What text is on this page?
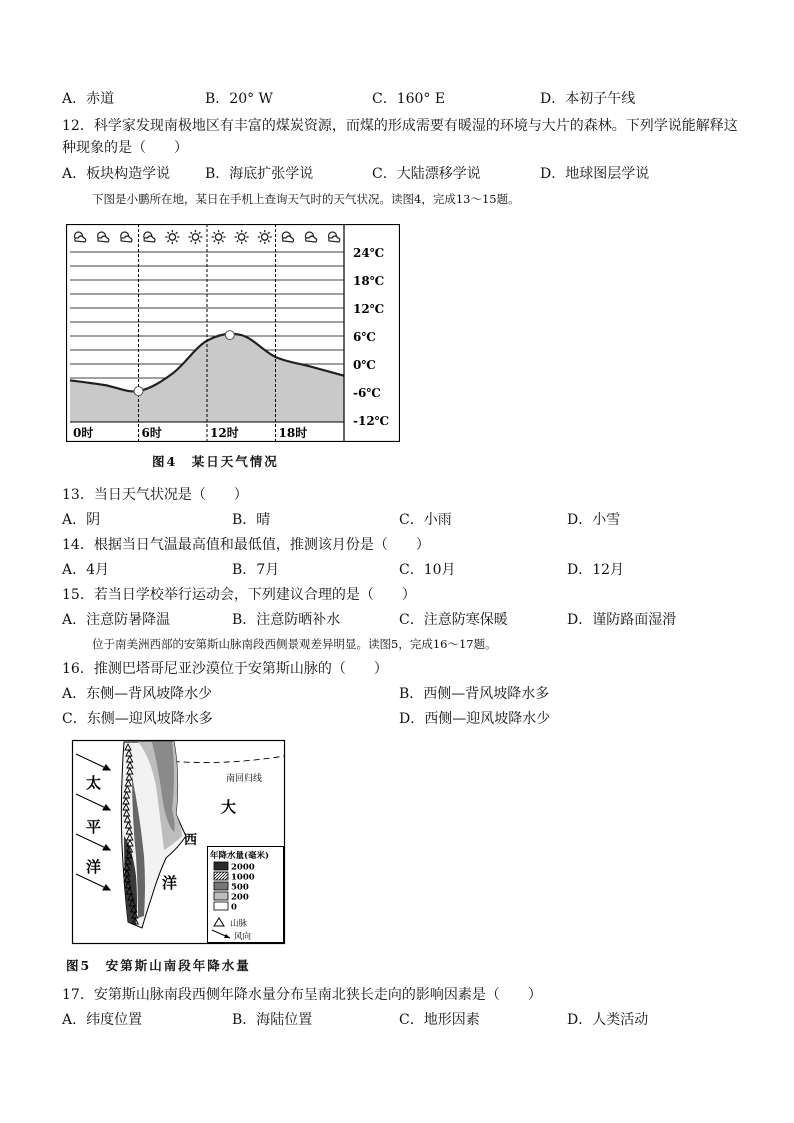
A．赤道	B．20° W	C．160° E	D．本初子午线
12．科学家发现南极地区有丰富的煤炭资源，而煤的形成需要有暖湿的环境与大片的森林。下列学说能解释这
种现象的是（　　）
A．板块构造学说 B．海底扩张学说	C．大陆漂移学说	D．地球图层学说
下图是小鹏所在地，某日在手机上查询天气时的天气状况。读图4，完成13～15题。
24℃
18℃
12℃
6℃
0℃
-6℃
-12℃
0时	6时	12时	18时
图4　某日天气情况
13．当日天气状况是（　　）
A．阴	B．晴	C．小雨	D．小雪
14．根据当日气温最高值和最低值，推测该月份是（　　）
A．4月	B．7月	C．10月	D．12月
15．若当日学校举行运动会，下列建议合理的是（　　）
A．注意防暑降温	B．注意防晒补水	C．注意防寒保暖	D．谨防路面湿滑
位于南美洲西部的安第斯山脉南段西侧景观差异明显。读图5，完成16～17题。
16．推测巴塔哥尼亚沙漠位于安第斯山脉的（　　）
A．东侧—背风坡降水少	B．西侧—背风坡降水多
C．东侧—迎风坡降水多	D．西侧—迎风坡降水少
太
平
洋
大
西
洋
南回归线
年降水量(毫米)
2000
1000
500
200
0
山脉
风向
图5　安第斯山南段年降水量
17．安第斯山脉南段西侧年降水量分布呈南北狭长走向的影响因素是（　　）
A．纬度位置	B．海陆位置	C．地形因素	D．人类活动
